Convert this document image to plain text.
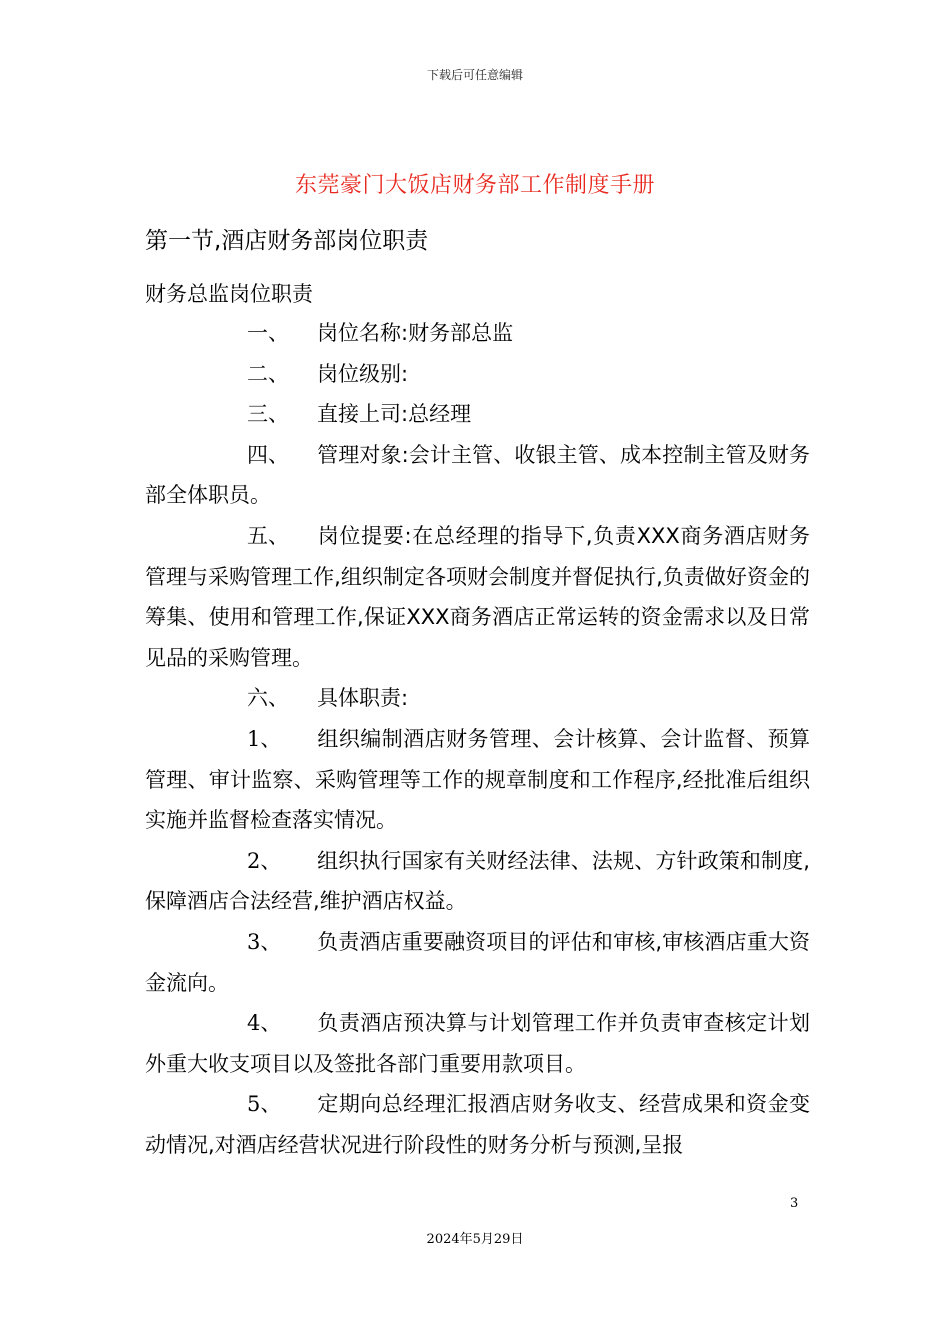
下载后可任意编辑
东莞豪门大饭店财务部工作制度手册
第一节,酒店财务部岗位职责
财务总监岗位职责

一、 岗位名称:财务部总监

二、 岗位级别:

三、 直接上司:总经理

四、 管理对象:会计主管、收银主管、成本控制主管及财务部全体职员。

五、 岗位提要:在总经理的指导下,负责XXX商务酒店财务管理与采购管理工作,组织制定各项财会制度并督促执行,负责做好资金的筹集、使用和管理工作,保证XXX商务酒店正常运转的资金需求以及日常见品的采购管理。

六、 具体职责:

1、 组织编制酒店财务管理、会计核算、会计监督、预算管理、审计监察、采购管理等工作的规章制度和工作程序,经批准后组织实施并监督检查落实情况。

2、 组织执行国家有关财经法律、法规、方针政策和制度,保障酒店合法经营,维护酒店权益。

3、 负责酒店重要融资项目的评估和审核,审核酒店重大资金流向。

4、 负责酒店预决算与计划管理工作并负责审查核定计划外重大收支项目以及签批各部门重要用款项目。

5、 定期向总经理汇报酒店财务收支、经营成果和资金变动情况,对酒店经营状况进行阶段性的财务分析与预测,呈报

3
2024年5月29日
